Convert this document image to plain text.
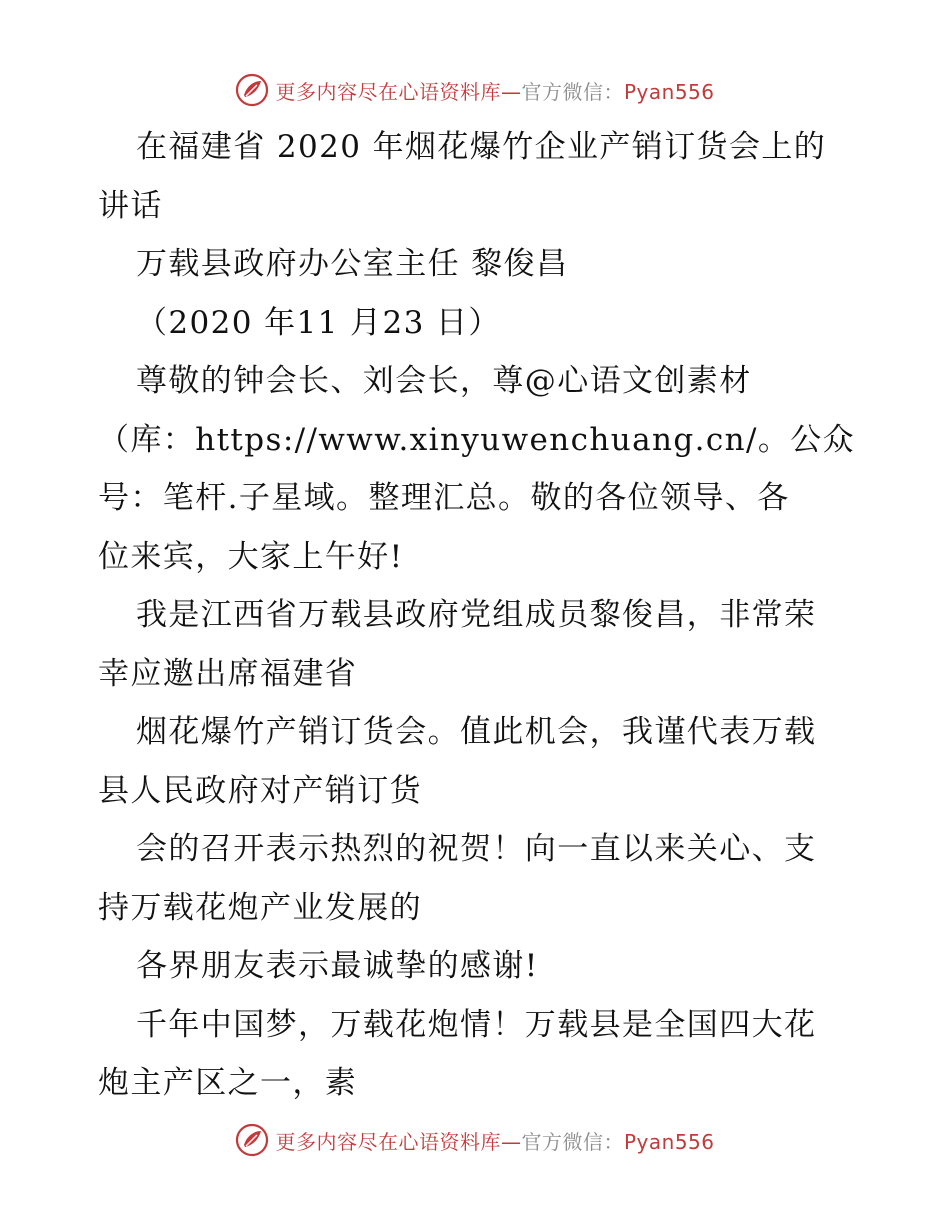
更多内容尽在心语资料库—官方微信：Pyan556

在福建省 2020 年烟花爆竹企业产销订货会上的

讲话

万载县政府办公室主任 黎俊昌

（2020 年11 月23 日）

尊敬的钟会长、刘会长，尊@心语文创素材

（库：https://www.xinyuwenchuang.cn/。公众

号：笔杆.子星域。整理汇总。敬的各位领导、各

位来宾，大家上午好!

我是江西省万载县政府党组成员黎俊昌，非常荣

幸应邀出席福建省

烟花爆竹产销订货会。值此机会，我谨代表万载

县人民政府对产销订货

会的召开表示热烈的祝贺！向一直以来关心、支

持万载花炮产业发展的

各界朋友表示最诚挚的感谢!

千年中国梦，万载花炮情！万载县是全国四大花

炮主产区之一，素

更多内容尽在心语资料库—官方微信：Pyan556
